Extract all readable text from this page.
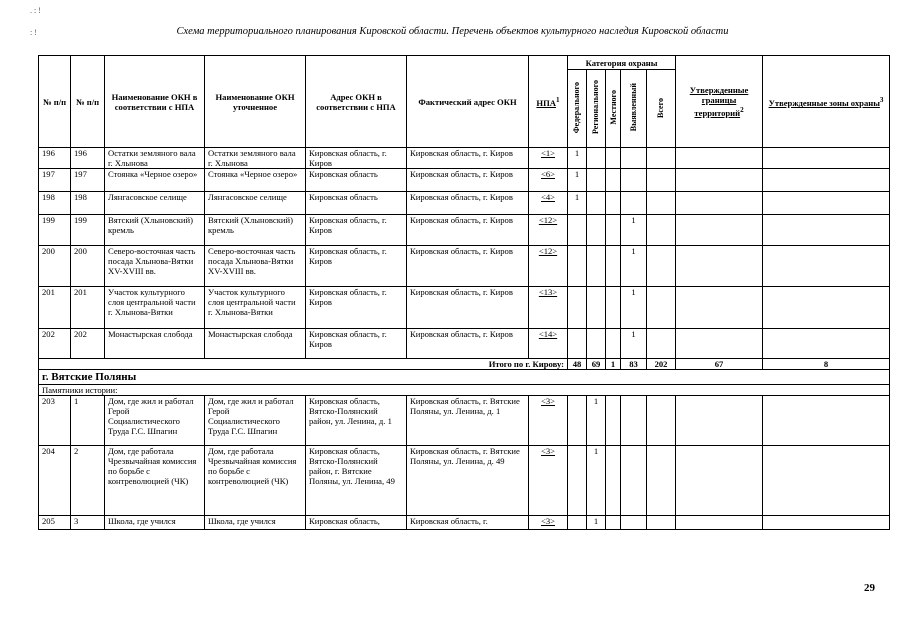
. : !
: !	Схема территориального планирования Кировской области. Перечень объектов культурного наследия Кировской области
№ п/п	№ п/п	Наименование ОКН в соответствии с НПА	Наименование ОКН уточненное	Адрес ОКН в соответствии с НПА	Фактический адрес ОКН	НПА$^1$	Категория охраны					Утвержденные границы территорий$^2$	Утвержденные зоны охраны$^3$
							Федерального	Регионального	Местного	Выявленный	Всего		
196	196	Остатки земляного вала г. Хлынова	Остатки земляного вала г. Хлынова	Кировская область, г. Киров	Кировская область, г. Киров	<1>	1						
197	197	Стоянка «Черное озеро»	Стоянка «Черное озеро»	Кировская область	Кировская область, г. Киров	<6>	1						
198	198	Лянгасовское селище	Лянгасовское селище	Кировская область	Кировская область, г. Киров	<4>	1						
199	199	Вятский (Хлыновский) кремль	Вятский (Хлыновский) кремль	Кировская область, г. Киров	Кировская область, г. Киров	<12>				1			
200	200	Северо-восточная часть посада Хлынова-Вятки XV-XVIII вв.	Северо-восточная часть посада Хлынова-Вятки XV-XVIII вв.	Кировская область, г. Киров	Кировская область, г. Киров	<12>				1			
201	201	Участок культурного слоя центральной части г. Хлынова-Вятки	Участок культурного слоя центральной части г. Хлынова-Вятки	Кировская область, г. Киров	Кировская область, г. Киров	<13>				1			
202	202	Монастырская слобода	Монастырская слобода	Кировская область, г. Киров	Кировская область, г. Киров	<14>				1			
Итого по г. Кирову:							48	69	1	83	202	67	8
г. Вятские Поляны													
Памятники истории:													
203	1	Дом, где жил и работал Герой Социалистического Труда Г.С. Шпагин	Дом, где жил и работал Герой Социалистического Труда Г.С. Шпагин	Кировская область, Вятско-Полянский район, ул. Ленина, д. 1	Кировская область, г. Вятские Поляны, ул. Ленина, д. 1	<3>		1					
204	2	Дом, где работала Чрезвычайная комиссия по борьбе с контреволюцией (ЧК)	Дом, где работала Чрезвычайная комиссия по борьбе с контреволюцией (ЧК)	Кировская область, Вятско-Полянский район, г. Вятские Поляны, ул. Ленина, 49	Кировская область, г. Вятские Поляны, ул. Ленина, д. 49	<3>		1					
205	3	Школа, где учился	Школа, где учился	Кировская область,	Кировская область, г.	<3>		1					
29
